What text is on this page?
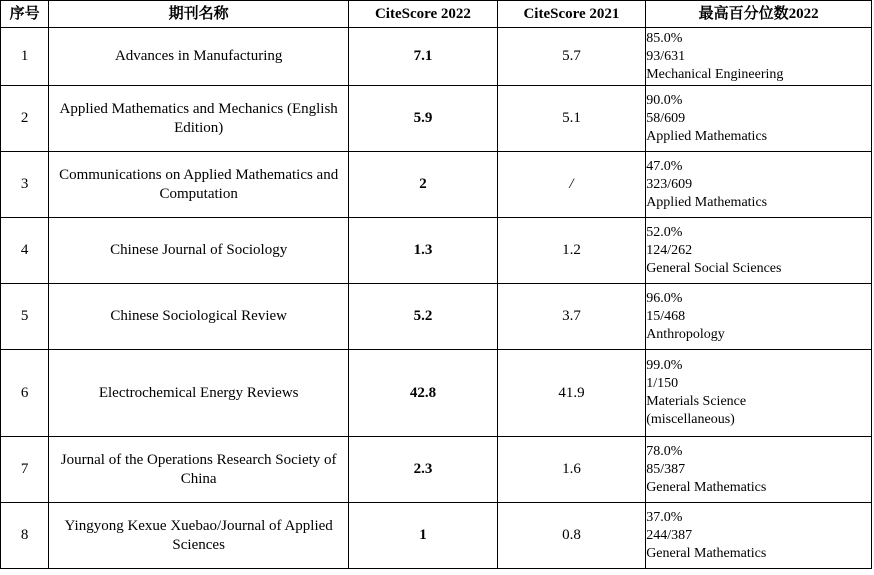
序号	期刊名称	CiteScore 2022	CiteScore 2021	最高百分位数2022
1	Advances in Manufacturing	7.1	5.7	85.0%
93/631
Mechanical Engineering

2	Applied Mathematics and Mechanics (English Edition)	5.9	5.1	90.0%
58/609
Applied Mathematics

3	Communications on Applied Mathematics and Computation	2	/	47.0%
323/609
Applied Mathematics

4	Chinese Journal of Sociology	1.3	1.2	52.0%
124/262
General Social Sciences

5	Chinese Sociological Review	5.2	3.7	96.0%
15/468
Anthropology

6	Electrochemical Energy Reviews	42.8	41.9	99.0%
1/150
Materials Science
(miscellaneous)

7	Journal of the Operations Research Society of China	2.3	1.6	78.0%
85/387
General Mathematics

8	Yingyong Kexue Xuebao/Journal of Applied Sciences	1	0.8	37.0%
244/387
General Mathematics
